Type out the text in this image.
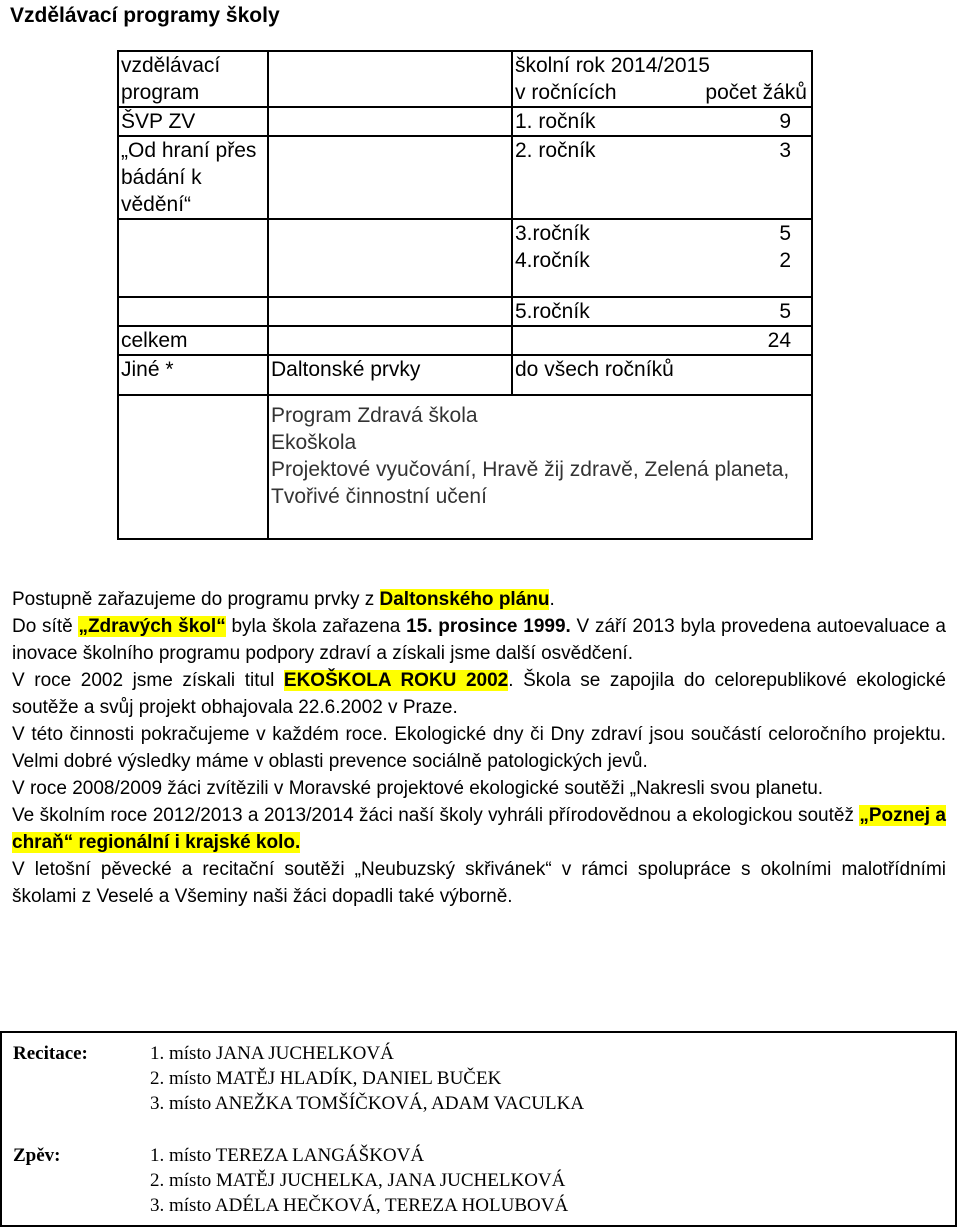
Vzdělávací programy školy
vzdělávací program		školní rok 2014/2015
v ročnících počet žáků

ŠVP ZV		1. ročník 9

„Od hraní přes bádání k vědění“		2. ročník 3

		3.ročník 5
4.ročník 2

		5.ročník 5

celkem		24

Jiné *	Daltonské prvky	do všech ročníků

	Program Zdravá škola
Ekoškola
Projektové vyučování, Hravě žij zdravě, Zelená planeta, Tvořivé činnostní učení	

Postupně zařazujeme do programu prvky z Daltonského plánu.

Do sítě „Zdravých škol“ byla škola zařazena 15. prosince 1999. V září 2013 byla provedena autoevaluace a inovace školního programu podpory zdraví a získali jsme další osvědčení.

V roce 2002 jsme získali titul EKOŠKOLA ROKU 2002. Škola se zapojila do celorepublikové ekologické soutěže a svůj projekt obhajovala 22.6.2002 v Praze.

V této činnosti pokračujeme v každém roce. Ekologické dny či Dny zdraví jsou součástí celoročního projektu. Velmi dobré výsledky máme v oblasti prevence sociálně patologických jevů.

V roce 2008/2009 žáci zvítězili v Moravské projektové ekologické soutěži „Nakresli svou planetu.

Ve školním roce 2012/2013 a 2013/2014 žáci naší školy vyhráli přírodovědnou a ekologickou soutěž „Poznej a chraň“ regionální i krajské kolo.

V letošní pěvecké a recitační soutěži „Neubuzský skřivánek“ v rámci spolupráce s okolními malotřídními školami z Veselé a Všeminy naši žáci dopadli také výborně.

Recitace:	1. místo JANA JUCHELKOVÁ
2. místo MATĚJ HLADÍK, DANIEL BUČEK
3. místo ANEŽKA TOMŠÍČKOVÁ, ADAM VACULKA
Zpěv:	1. místo TEREZA LANGÁŠKOVÁ
2. místo MATĚJ JUCHELKA, JANA JUCHELKOVÁ
3. místo ADÉLA HEČKOVÁ, TEREZA HOLUBOVÁ
